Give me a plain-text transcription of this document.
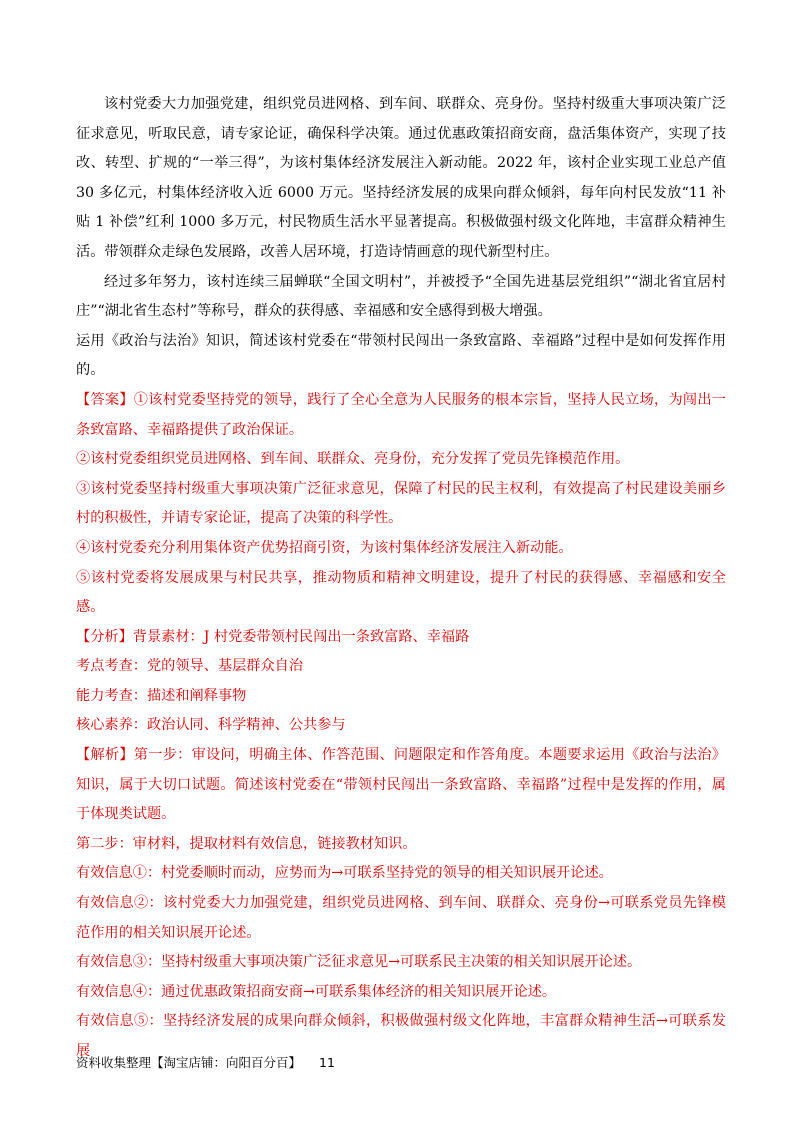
该村党委大力加强党建，组织党员进网格、到车间、联群众、亮身份。坚持村级重大事项决策广泛征求意见，听取民意，请专家论证，确保科学决策。通过优惠政策招商安商，盘活集体资产，实现了技改、转型、扩规的“一举三得”，为该村集体经济发展注入新动能。2022 年，该村企业实现工业总产值 30 多亿元，村集体经济收入近 6000 万元。坚持经济发展的成果向群众倾斜，每年向村民发放“11 补贴 1 补偿”红利 1000 多万元，村民物质生活水平显著提高。积极做强村级文化阵地，丰富群众精神生活。带领群众走绿色发展路，改善人居环境，打造诗情画意的现代新型村庄。

经过多年努力，该村连续三届蝉联“全国文明村”，并被授予“全国先进基层党组织”“湖北省宜居村庄”“湖北省生态村”等称号，群众的获得感、幸福感和安全感得到极大增强。

运用《政治与法治》知识，简述该村党委在“带领村民闯出一条致富路、幸福路”过程中是如何发挥作用的。

【答案】①该村党委坚持党的领导，践行了全心全意为人民服务的根本宗旨，坚持人民立场，为闯出一条致富路、幸福路提供了政治保证。

②该村党委组织党员进网格、到车间、联群众、亮身份，充分发挥了党员先锋模范作用。

③该村党委坚持村级重大事项决策广泛征求意见，保障了村民的民主权利，有效提高了村民建设美丽乡村的积极性，并请专家论证，提高了决策的科学性。

④该村党委充分利用集体资产优势招商引资，为该村集体经济发展注入新动能。

⑤该村党委将发展成果与村民共享，推动物质和精神文明建设，提升了村民的获得感、幸福感和安全感。

【分析】背景素材：J 村党委带领村民闯出一条致富路、幸福路

考点考查：党的领导、基层群众自治

能力考查：描述和阐释事物

核心素养：政治认同、科学精神、公共参与

【解析】第一步：审设问，明确主体、作答范围、问题限定和作答角度。本题要求运用《政治与法治》知识，属于大切口试题。简述该村党委在“带领村民闯出一条致富路、幸福路”过程中是发挥的作用，属于体现类试题。

第二步：审材料，提取材料有效信息，链接教材知识。

有效信息①：村党委顺时而动，应势而为→可联系坚持党的领导的相关知识展开论述。

有效信息②：该村党委大力加强党建，组织党员进网格、到车间、联群众、亮身份→可联系党员先锋模范作用的相关知识展开论述。

有效信息③：坚持村级重大事项决策广泛征求意见→可联系民主决策的相关知识展开论述。

有效信息④：通过优惠政策招商安商→可联系集体经济的相关知识展开论述。

有效信息⑤：坚持经济发展的成果向群众倾斜，积极做强村级文化阵地，丰富群众精神生活→可联系发展

资料收集整理【淘宝店铺：向阳百分百】 11
